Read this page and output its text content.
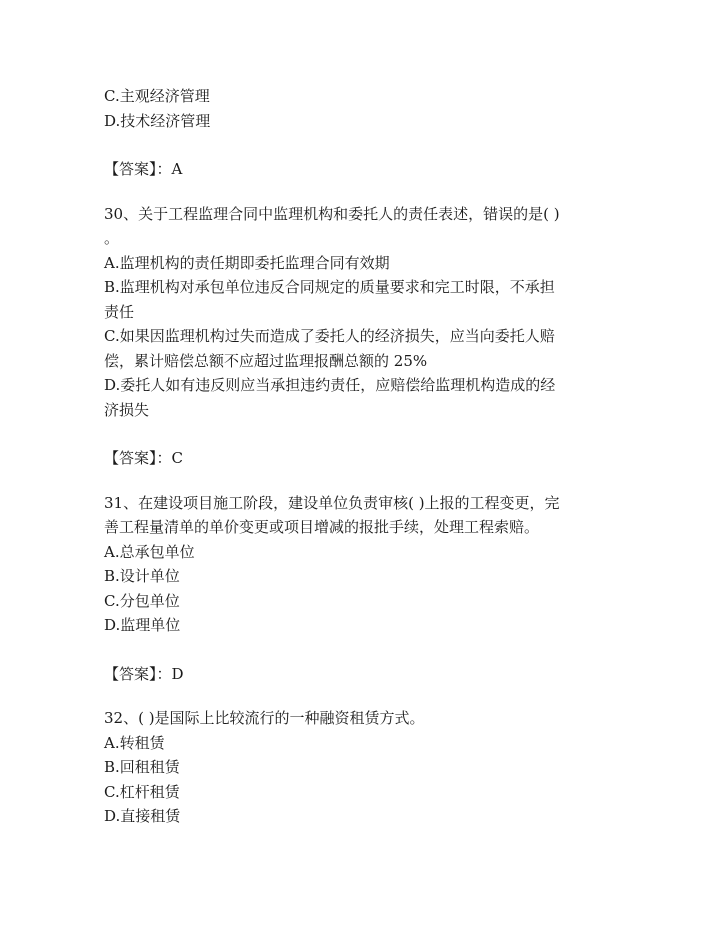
C.主观经济管理
D.技术经济管理
【答案】：A
30、关于工程监理合同中监理机构和委托人的责任表述，错误的是( )
。
A.监理机构的责任期即委托监理合同有效期
B.监理机构对承包单位违反合同规定的质量要求和完工时限，不承担
责任
C.如果因监理机构过失而造成了委托人的经济损失，应当向委托人赔
偿，累计赔偿总额不应超过监理报酬总额的 25%
D.委托人如有违反则应当承担违约责任，应赔偿给监理机构造成的经
济损失
【答案】：C
31、在建设项目施工阶段，建设单位负责审核( )上报的工程变更，完
善工程量清单的单价变更或项目增减的报批手续，处理工程索赔。
A.总承包单位
B.设计单位
C.分包单位
D.监理单位
【答案】：D
32、( )是国际上比较流行的一种融资租赁方式。
A.转租赁
B.回租租赁
C.杠杆租赁
D.直接租赁
